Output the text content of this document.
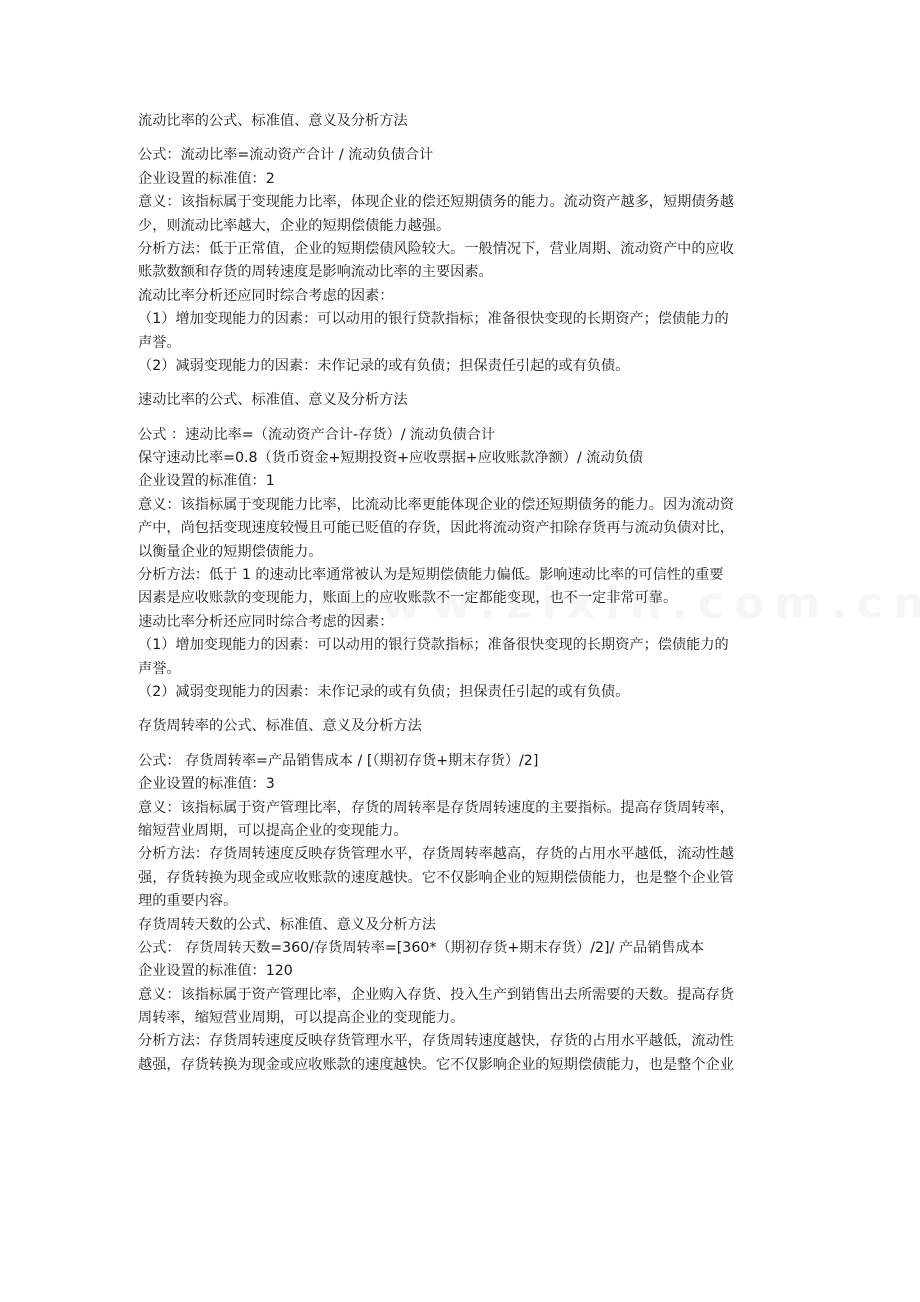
流动比率的公式、标准值、意义及分析方法
公式：流动比率=流动资产合计 / 流动负债合计
企业设置的标准值：2
意义：该指标属于变现能力比率，体现企业的偿还短期债务的能力。流动资产越多，短期债务越
少，则流动比率越大，企业的短期偿债能力越强。
分析方法：低于正常值，企业的短期偿债风险较大。一般情况下，营业周期、流动资产中的应收
账款数额和存货的周转速度是影响流动比率的主要因素。
流动比率分析还应同时综合考虑的因素：
（1）增加变现能力的因素：可以动用的银行贷款指标；准备很快变现的长期资产；偿债能力的
声誉。
（2）减弱变现能力的因素：未作记录的或有负债；担保责任引起的或有负债。
速动比率的公式、标准值、意义及分析方法
公式 ：速动比率=（流动资产合计-存货）/ 流动负债合计
保守速动比率=0.8（货币资金+短期投资+应收票据+应收账款净额）/ 流动负债
企业设置的标准值：1
意义：该指标属于变现能力比率，比流动比率更能体现企业的偿还短期债务的能力。因为流动资
产中，尚包括变现速度较慢且可能已贬值的存货，因此将流动资产扣除存货再与流动负债对比，
以衡量企业的短期偿债能力。
分析方法：低于 1 的速动比率通常被认为是短期偿债能力偏低。影响速动比率的可信性的重要
因素是应收账款的变现能力，账面上的应收账款不一定都能变现，也不一定非常可靠。
速动比率分析还应同时综合考虑的因素：
（1）增加变现能力的因素：可以动用的银行贷款指标；准备很快变现的长期资产；偿债能力的
声誉。
（2）减弱变现能力的因素：未作记录的或有负债；担保责任引起的或有负债。
存货周转率的公式、标准值、意义及分析方法
公式： 存货周转率=产品销售成本 / [（期初存货+期末存货）/2]
企业设置的标准值：3
意义：该指标属于资产管理比率，存货的周转率是存货周转速度的主要指标。提高存货周转率，
缩短营业周期，可以提高企业的变现能力。
分析方法：存货周转速度反映存货管理水平，存货周转率越高，存货的占用水平越低，流动性越
强，存货转换为现金或应收账款的速度越快。它不仅影响企业的短期偿债能力，也是整个企业管
理的重要内容。
存货周转天数的公式、标准值、意义及分析方法
公式： 存货周转天数=360/存货周转率=[360*（期初存货+期末存货）/2]/ 产品销售成本
企业设置的标准值：120
意义：该指标属于资产管理比率，企业购入存货、投入生产到销售出去所需要的天数。提高存货
周转率，缩短营业周期，可以提高企业的变现能力。
分析方法：存货周转速度反映存货管理水平，存货周转速度越快，存货的占用水平越低，流动性
越强，存货转换为现金或应收账款的速度越快。它不仅影响企业的短期偿债能力，也是整个企业
